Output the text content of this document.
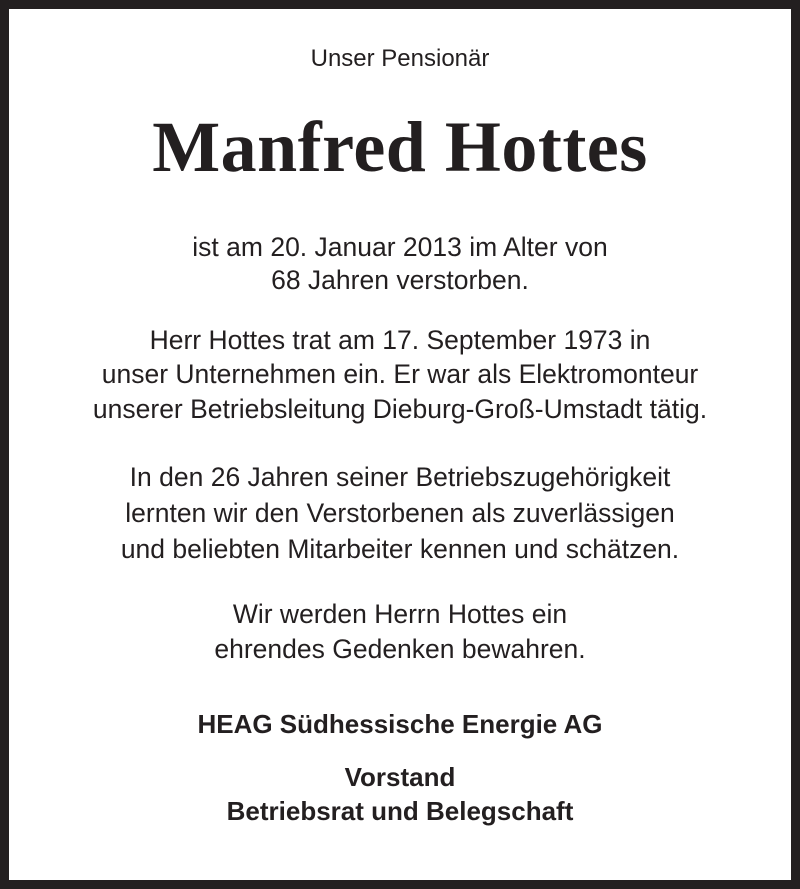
Unser Pensionär
Manfred Hottes
ist am 20. Januar 2013 im Alter von
68 Jahren verstorben.
Herr Hottes trat am 17. September 1973 in
unser Unternehmen ein. Er war als Elektromonteur
unserer Betriebsleitung Dieburg-Groß-Umstadt tätig.
In den 26 Jahren seiner Betriebszugehörigkeit
lernten wir den Verstorbenen als zuverlässigen
und beliebten Mitarbeiter kennen und schätzen.
Wir werden Herrn Hottes ein
ehrendes Gedenken bewahren.
HEAG Südhessische Energie AG
Vorstand
Betriebsrat und Belegschaft
